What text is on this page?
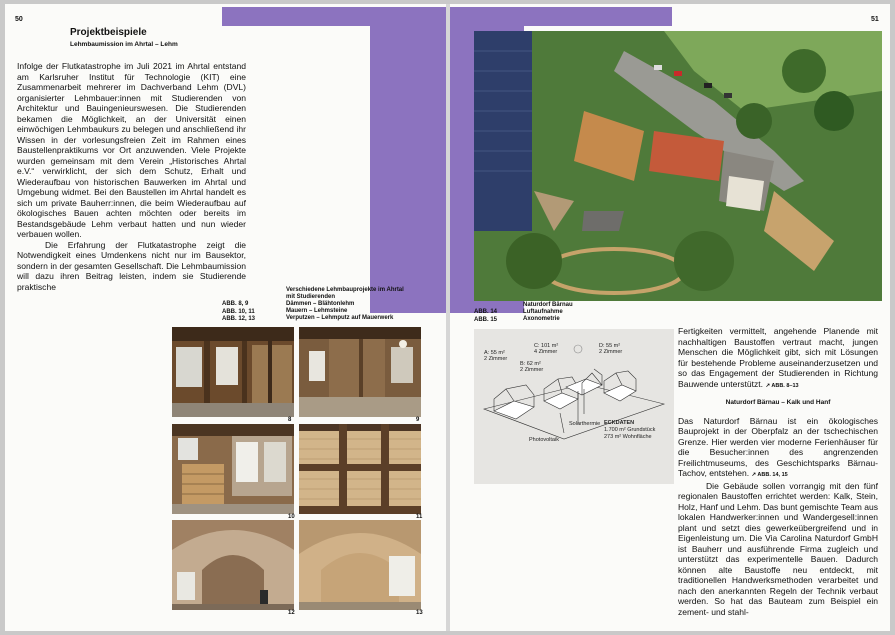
50
Projektbeispiele
Lehmbaumission im Ahrtal – Lehm

Infolge der Flutkatastrophe im Juli 2021 im Ahrtal entstand am Karlsruher Institut für Technologie (KIT) eine Zusammenarbeit mehrerer im Dachverband Lehm (DVL) organisierter Lehmbauer:innen mit Studierenden von Architektur und Bauingenieurswesen. Die Studierenden bekamen die Möglichkeit, an der Universität einen einwöchigen Lehmbaukurs zu belegen und anschließend ihr Wissen in der vorlesungsfreien Zeit im Rahmen eines Baustellenpraktikums vor Ort anzuwenden. Viele Projekte wurden gemeinsam mit dem Verein „Historisches Ahrtal e.V.“ verwirklicht, der sich dem Schutz, Erhalt und Wiederaufbau von historischen Bauwerken im Ahrtal und Umgebung widmet. Bei den Baustellen im Ahrtal handelt es sich um private Bauherr:innen, die beim Wiederaufbau auf ökologisches Bauen achten möchten oder bereits im Bestandsgebäude Lehm verbaut hatten und nun wieder verbauen wollen.

Die Erfahrung der Flutkatastrophe zeigt die Notwendigkeit eines Umdenkens nicht nur im Bausektor, sondern in der gesamten Gesellschaft. Die Lehmbaumission will dazu ihren Beitrag leisten, indem sie Studierende praktische	Verschiedene Lehmbauprojekte im Ahrtal
mit Studierenden
Dämmen – Blähtonlehm
Mauern – Lehmsteine
Verputzen – Lehmputz auf Mauerwerk
ABB. 8, 9
ABB. 10, 11
ABB. 12, 13
8	9
10	11
12	13
51
ABB. 14
ABB. 15
Naturdorf Bärnau
Luftaufnahme
Axonometrie
A: 55 m²
2 Zimmer
B: 62 m²
2 Zimmer
C: 101 m²
4 Zimmer
D: 55 m²
2 Zimmer
Solarthermie
Photovoltaik
ECKDATEN
1.700 m² Grundstück
273 m² Wohnfläche

Fertigkeiten vermittelt, angehende Planende mit nachhaltigen Baustoffen vertraut macht, jungen Menschen die Möglichkeit gibt, sich mit Lösungen für bestehende Probleme auseinanderzusetzen und so das Engagement der Studierenden in Richtung Bauwende unterstützt. ↗ ABB. 8–13

Naturdorf Bärnau – Kalk und Hanf

Das Naturdorf Bärnau ist ein ökologisches Bauprojekt in der Oberpfalz an der tschechischen Grenze. Hier werden vier moderne Ferienhäuser für die Besucher:innen des angrenzenden Freilichtmuseums, des Geschichtsparks Bärnau-Tachov, entstehen. ↗ ABB. 14, 15

Die Gebäude sollen vorrangig mit den fünf regionalen Baustoffen errichtet werden: Kalk, Stein, Holz, Hanf und Lehm. Das bunt gemischte Team aus lokalen Handwerker:innen und Wandergesell:innen plant und setzt dies gewerkeübergreifend und in Eigenleistung um. Die Via Carolina Naturdorf GmbH ist Bauherr und ausführende Firma zugleich und unterstützt das experimentelle Bauen. Dadurch können alte Baustoffe neu entdeckt, mit traditionellen Handwerksmethoden verarbeitet und nach den anerkannten Regeln der Technik verbaut werden. So hat das Bauteam zum Beispiel ein zement- und stahl-
